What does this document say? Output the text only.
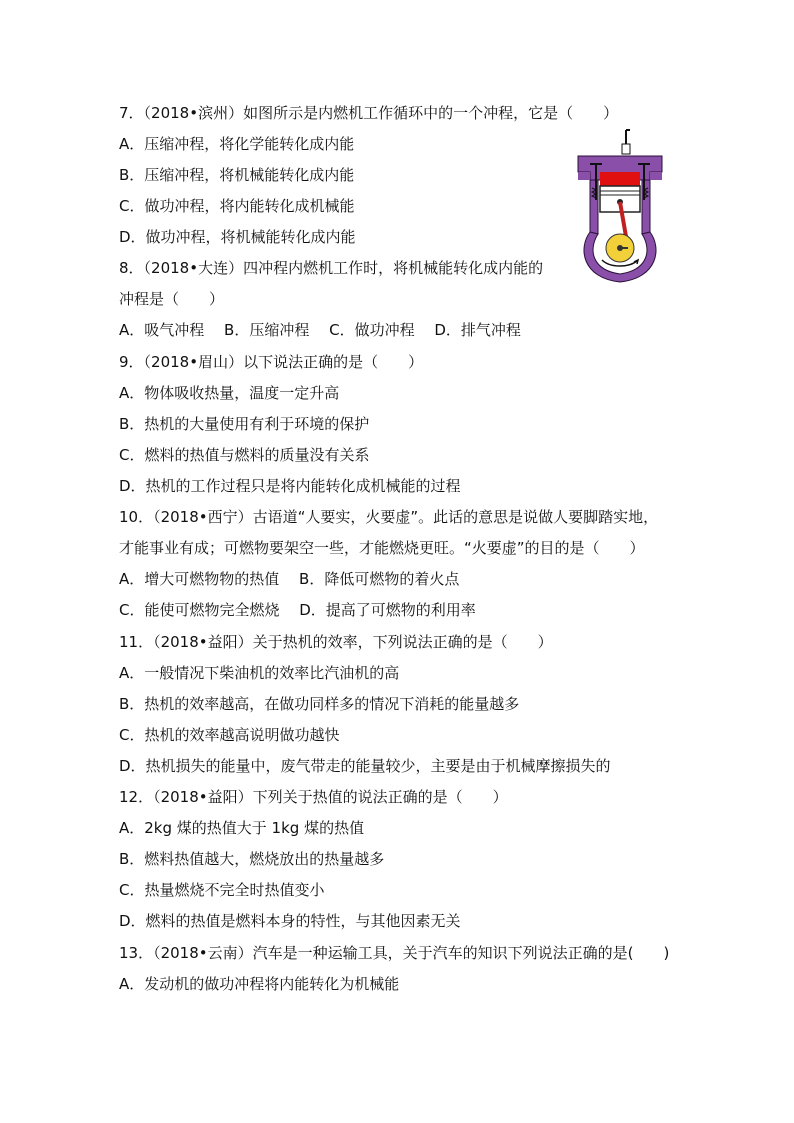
7．（2018•滨州）如图所示是内燃机工作循环中的一个冲程，它是（　　）
A．压缩冲程，将化学能转化成内能
B．压缩冲程，将机械能转化成内能
C．做功冲程，将内能转化成机械能
D．做功冲程，将机械能转化成内能
8．（2018•大连）四冲程内燃机工作时，将机械能转化成内能的
冲程是（　　）
A．吸气冲程　 B．压缩冲程　 C．做功冲程　 D．排气冲程
9．（2018•眉山）以下说法正确的是（　　）
A．物体吸收热量，温度一定升高
B．热机的大量使用有利于环境的保护
C．燃料的热值与燃料的质量没有关系
D．热机的工作过程只是将内能转化成机械能的过程
10．（2018•西宁）古语道“人要实，火要虚”。此话的意思是说做人要脚踏实地，
才能事业有成；可燃物要架空一些，才能燃烧更旺。“火要虚”的目的是（　　）
A．增大可燃物物的热值　 B．降低可燃物的着火点
C．能使可燃物完全燃烧　 D．提高了可燃物的利用率
11．（2018•益阳）关于热机的效率，下列说法正确的是（　　）
A．一般情况下柴油机的效率比汽油机的高
B．热机的效率越高，在做功同样多的情况下消耗的能量越多
C．热机的效率越高说明做功越快
D．热机损失的能量中，废气带走的能量较少，主要是由于机械摩擦损失的
12．（2018•益阳）下列关于热值的说法正确的是（　　）
A．2kg 煤的热值大于 1kg 煤的热值
B．燃料热值越大，燃烧放出的热量越多
C．热量燃烧不完全时热值变小
D．燃料的热值是燃料本身的特性，与其他因素无关
13．（2018•云南）汽车是一种运输工具，关于汽车的知识下列说法正确的是(　　)
A．发动机的做功冲程将内能转化为机械能
